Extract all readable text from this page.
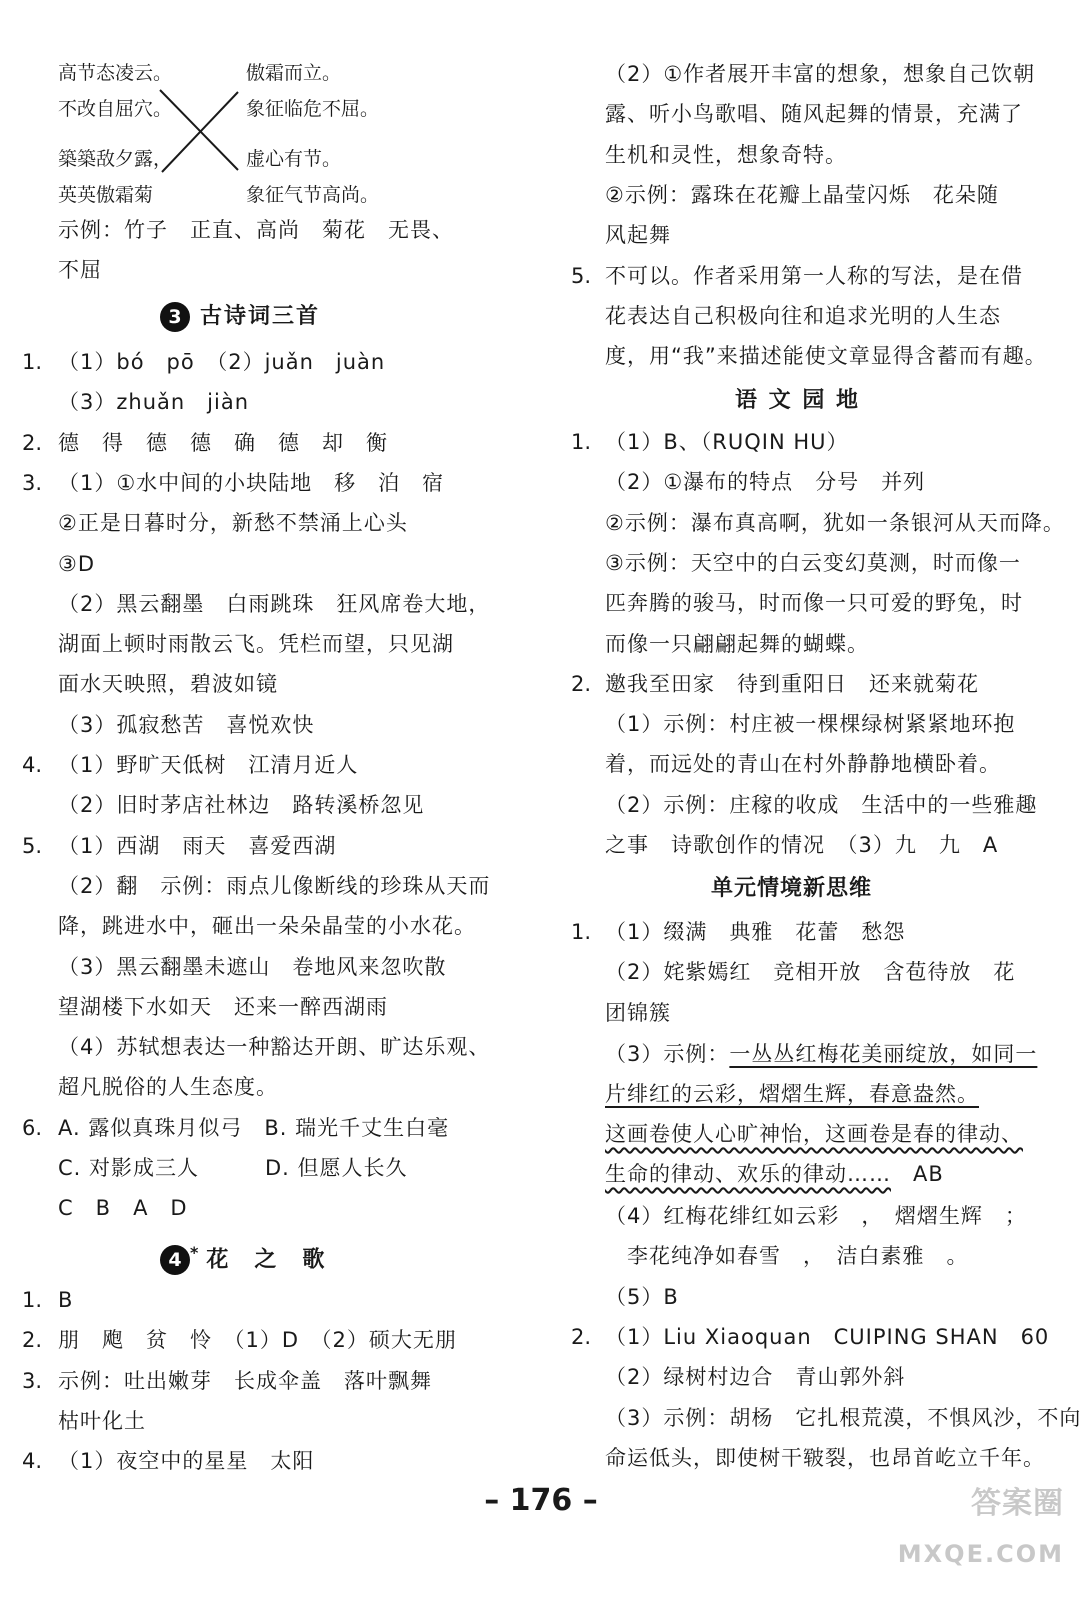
高节态凌云。
不改自屈穴。
築築敌夕露，
英英傲霜菊
傲霜而立。
象征临危不屈。
虚心有节。
象征气节高尚。
示例：竹子　正直、高尚　菊花　无畏、
不屈
3 古诗词三首
1. （1）bó　pō　（2）juǎn　juàn
（3）zhuǎn　jiàn
2. 德　得　德　德　确　德　却　衡
3. （1）①水中间的小块陆地　移　泊　宿
②正是日暮时分，新愁不禁涌上心头
③D
（2）黑云翻墨　白雨跳珠　狂风席卷大地，
湖面上顿时雨散云飞。凭栏而望，只见湖
面水天映照，碧波如镜
（3）孤寂愁苦　喜悦欢快
4. （1）野旷天低树　江清月近人
（2）旧时茅店社林边　路转溪桥忽见
5. （1）西湖　雨天　喜爱西湖
（2）翻　示例：雨点儿像断线的珍珠从天而
降，跳进水中，砸出一朵朵晶莹的小水花。
（3）黑云翻墨未遮山　卷地风来忽吹散
望湖楼下水如天　还来一醉西湖雨
（4）苏轼想表达一种豁达开朗、旷达乐观、
超凡脱俗的人生态度。
6. A. 露似真珠月似弓　B. 瑞光千丈生白毫
C. 对影成三人　　　D. 但愿人长久
C　B　A　D
4 * 花　之　歌
1. B
2. 朋　飑　贫　怜　（1）D　（2）硕大无朋
3. 示例：吐出嫩芽　长成伞盖　落叶飘舞
枯叶化土
4. （1）夜空中的星星　太阳
（2）①作者展开丰富的想象，想象自己饮朝
露、听小鸟歌唱、随风起舞的情景，充满了
生机和灵性，想象奇特。
②示例：露珠在花瓣上晶莹闪烁　花朵随
风起舞
5. 不可以。作者采用第一人称的写法，是在借
花表达自己积极向往和追求光明的人生态
度，用“我”来描述能使文章显得含蓄而有趣。
语 文 园 地
1. （1）B、（RUQIN HU）
（2）①瀑布的特点　分号　并列
②示例：瀑布真高啊，犹如一条银河从天而降。
③示例：天空中的白云变幻莫测，时而像一
匹奔腾的骏马，时而像一只可爱的野兔，时
而像一只翩翩起舞的蝴蝶。
2. 邀我至田家　待到重阳日　还来就菊花
（1）示例：村庄被一棵棵绿树紧紧地环抱
着，而远处的青山在村外静静地横卧着。
（2）示例：庄稼的收成　生活中的一些雅趣
之事　诗歌创作的情况　（3）九　九　A
单元情境新思维
1. （1）缀满　典雅　花蕾　愁怨
（2）姹紫嫣红　竞相开放　含苞待放　花
团锦簇
（3）示例：一丛丛红梅花美丽绽放，如同一
片绯红的云彩，熠熠生辉，春意盎然。
这画卷使人心旷神怡，这画卷是春的律动、
生命的律动、欢乐的律动……　AB
（4）红梅花绯红如云彩　，　熠熠生辉　；
　李花纯净如春雪　，　洁白素雅　。
（5）B
2. （1）Liu Xiaoquan　CUIPING SHAN　60
（2）绿树村边合　青山郭外斜
（3）示例：胡杨　它扎根荒漠，不惧风沙，不向
命运低头，即使树干皲裂，也昂首屹立千年。
– 176 –	答案圈
MXQE.COM
